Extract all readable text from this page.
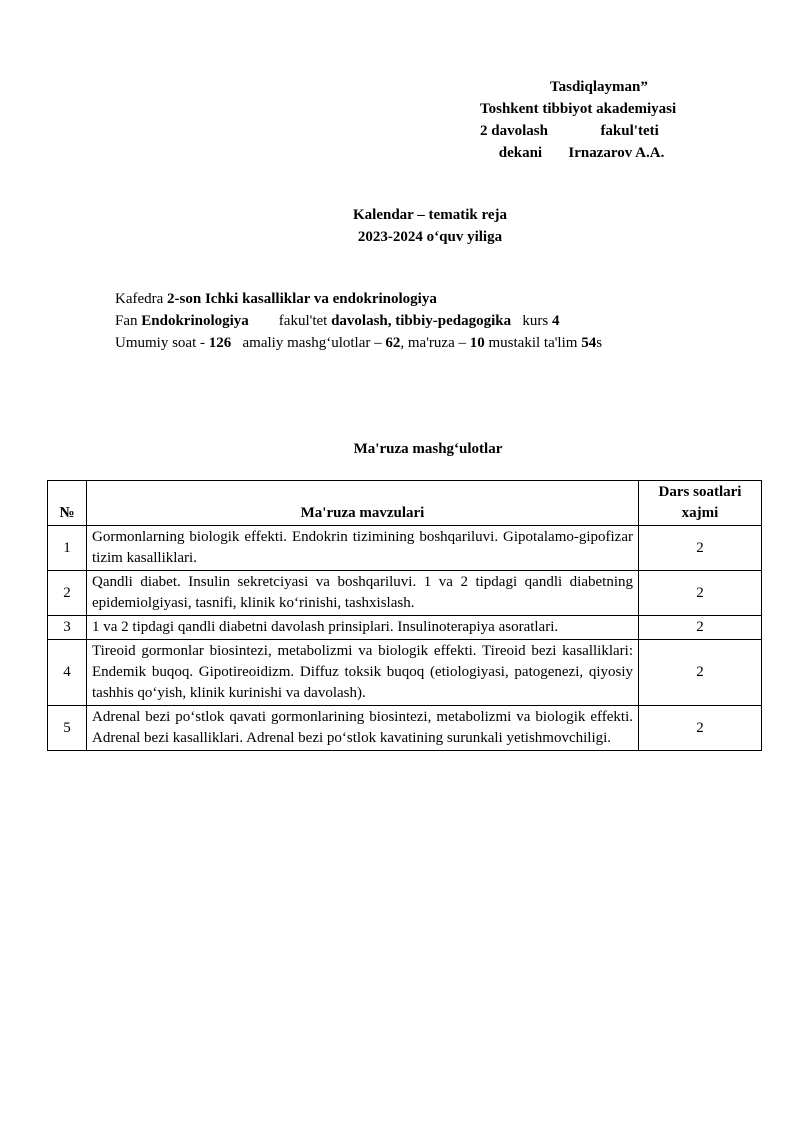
Tasdiqlayman”
Toshkent tibbiyot akademiyasi
2 davolash              fakul'teti
dekani       Irnazarov A.A.
Kalendar – tematik reja
2023-2024 o‘quv yiliga
Kafedra 2-son Ichki kasalliklar va endokrinologiya
Fan Endokrinologiya        fakul'tet davolash, tibbiy-pedagogika   kurs 4
Umumiy soat - 126   amaliy mashg‘ulotlar – 62, ma'ruza – 10 mustakil ta'lim 54s
Ma'ruza mashg‘ulotlar
№	Ma'ruza mavzulari	Dars soatlari xajmi
1	Gormonlarning biologik effekti. Endokrin tizimining boshqariluvi. Gipotalamo-gipofizar tizim kasalliklari.	2
2	Qandli diabet. Insulin sekretciyasi va boshqariluvi. 1 va 2 tipdagi qandli diabetning epidemiolgiyasi, tasnifi, klinik ko‘rinishi, tashxislash.	2
3	1 va 2 tipdagi qandli diabetni davolash prinsiplari. Insulinoterapiya asoratlari.	2
4	Tireoid gormonlar biosintezi, metabolizmi va biologik effekti. Tireoid bezi kasalliklari: Endemik buqoq. Gipotireoidizm. Diffuz toksik buqoq (etiologiyasi, patogenezi, qiyosiy tashhis qo‘yish, klinik kurinishi va davolash).	2
5	Adrenal bezi po‘stlok qavati gormonlarining biosintezi, metabolizmi va biologik effekti. Adrenal bezi kasalliklari. Adrenal bezi po‘stlok kavatining surunkali yetishmovchiligi.	2
